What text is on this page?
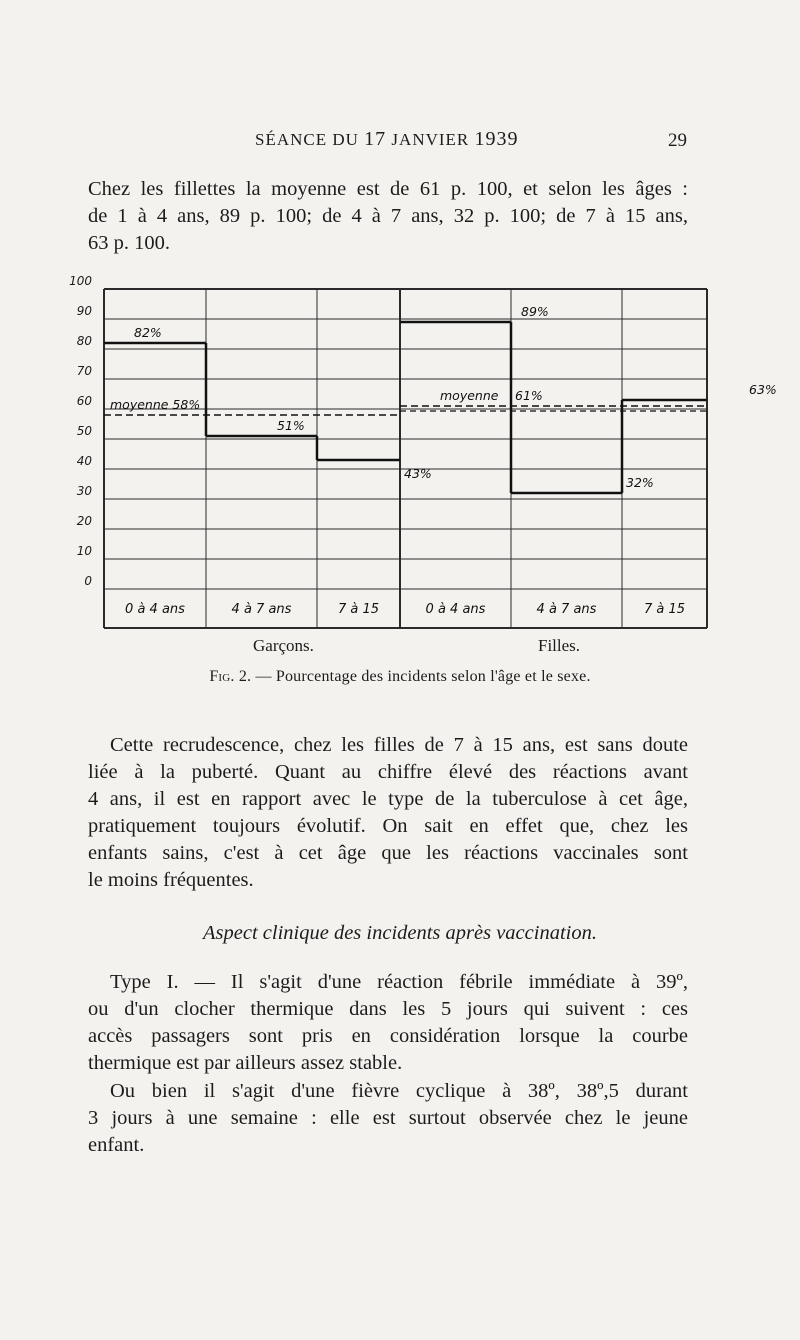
SÉANCE DU 17 JANVIER 1939	29
Chez les fillettes la moyenne est de 61 p. 100, et selon les âges :
de 1 à 4 ans, 89 p. 100; de 4 à 7 ans, 32 p. 100; de 7 à 15 ans,
63 p. 100.
100
90
80
70
60
50
40
30
20
10
0
82%
51%
43%
moyenne 58%
89%
32%
63%
moyenne 61%
0 à 4 ans	4 à 7 ans	7 à 15	0 à 4 ans	4 à 7 ans	7 à 15
Garçons.	Filles.
Fig. 2. — Pourcentage des incidents selon l'âge et le sexe.
Cette recrudescence, chez les filles de 7 à 15 ans, est sans doute
liée à la puberté. Quant au chiffre élevé des réactions avant
4 ans, il est en rapport avec le type de la tuberculose à cet âge,
pratiquement toujours évolutif. On sait en effet que, chez les
enfants sains, c'est à cet âge que les réactions vaccinales sont
le moins fréquentes.
Aspect clinique des incidents après vaccination.
Type I. — Il s'agit d'une réaction fébrile immédiate à 39º,
ou d'un clocher thermique dans les 5 jours qui suivent : ces
accès passagers sont pris en considération lorsque la courbe
thermique est par ailleurs assez stable.
Ou bien il s'agit d'une fièvre cyclique à 38º, 38º,5 durant
3 jours à une semaine : elle est surtout observée chez le jeune
enfant.
